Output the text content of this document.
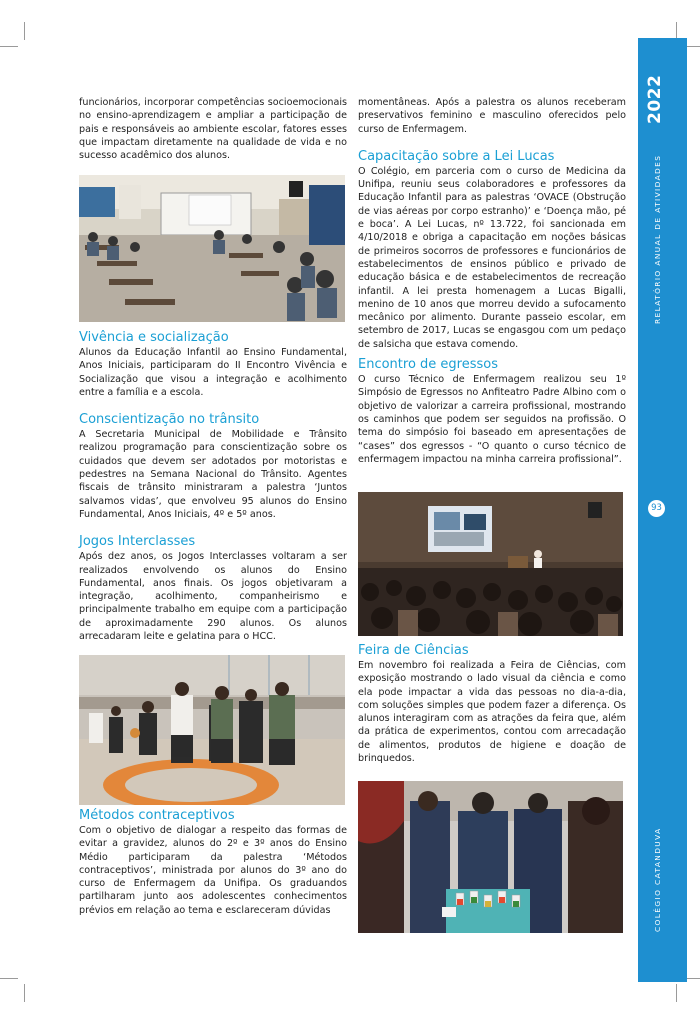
funcionários, incorporar competências socioemocionais no ensino-aprendizagem e ampliar a participação de pais e responsáveis ao ambiente escolar, fatores esses que impactam diretamente na qualidade de vida e no sucesso acadêmico dos alunos.

Vivência e socialização

Alunos da Educação Infantil ao Ensino Fundamental, Anos Iniciais, participaram do II Encontro Vivência e Socialização que visou a integração e acolhimento entre a família e a escola.

Conscientização no trânsito

A Secretaria Municipal de Mobilidade e Trânsito realizou programação para conscientização sobre os cuidados que devem ser adotados por motoristas e pedestres na Semana Nacional do Trânsito. Agentes fiscais de trânsito ministraram a palestra ‘Juntos salvamos vidas’, que envolveu 95 alunos do Ensino Fundamental, Anos Iniciais, 4º e 5º anos.

Jogos Interclasses

Após dez anos, os Jogos Interclasses voltaram a ser realizados envolvendo os alunos do Ensino Fundamental, anos finais. Os jogos objetivaram a integração, acolhimento, companheirismo e principalmente trabalho em equipe com a participação de aproximadamente 290 alunos. Os alunos arrecadaram leite e gelatina para o HCC.

Métodos contraceptivos

Com o objetivo de dialogar a respeito das formas de evitar a gravidez, alunos do 2º e 3º anos do Ensino Médio participaram da palestra ‘Métodos contraceptivos’, ministrada por alunos do 3º ano do curso de Enfermagem da Unifipa. Os graduandos partilharam junto aos adolescentes conhecimentos prévios em relação ao tema e esclareceram dúvidas

momentâneas. Após a palestra os alunos receberam preservativos feminino e masculino oferecidos pelo curso de Enfermagem.

Capacitação sobre a Lei Lucas

O Colégio, em parceria com o curso de Medicina da Unifipa, reuniu seus colaboradores e professores da Educação Infantil para as palestras ‘OVACE (Obstrução de vias aéreas por corpo estranho)’ e ‘Doença mão, pé e boca’. A Lei Lucas, nº 13.722, foi sancionada em 4/10/2018 e obriga a capacitação em noções básicas de primeiros socorros de professores e funcionários de estabelecimentos de ensinos público e privado de educação básica e de estabelecimentos de recreação infantil. A lei presta homenagem a Lucas Bigalli, menino de 10 anos que morreu devido a sufocamento mecânico por alimento. Durante passeio escolar, em setembro de 2017, Lucas se engasgou com um pedaço de salsicha que estava comendo.

Encontro de egressos

O curso Técnico de Enfermagem realizou seu 1º Simpósio de Egressos no Anfiteatro Padre Albino com o objetivo de valorizar a carreira profissional, mostrando os caminhos que podem ser seguidos na profissão. O tema do simpósio foi baseado em apresentações de “cases” dos egressos - “O quanto o curso técnico de enfermagem impactou na minha carreira profissional”.

Feira de Ciências

Em novembro foi realizada a Feira de Ciências, com exposição mostrando o lado visual da ciência e como ela pode impactar a vida das pessoas no dia-a-dia, com soluções simples que podem fazer a diferença. Os alunos interagiram com as atrações da feira que, além da prática de experimentos, contou com arrecadação de alimentos, produtos de higiene e doação de brinquedos.

2022
RELATÓRIO ANUAL DE ATIVIDADES
COLÉGIO CATANDUVA
93
